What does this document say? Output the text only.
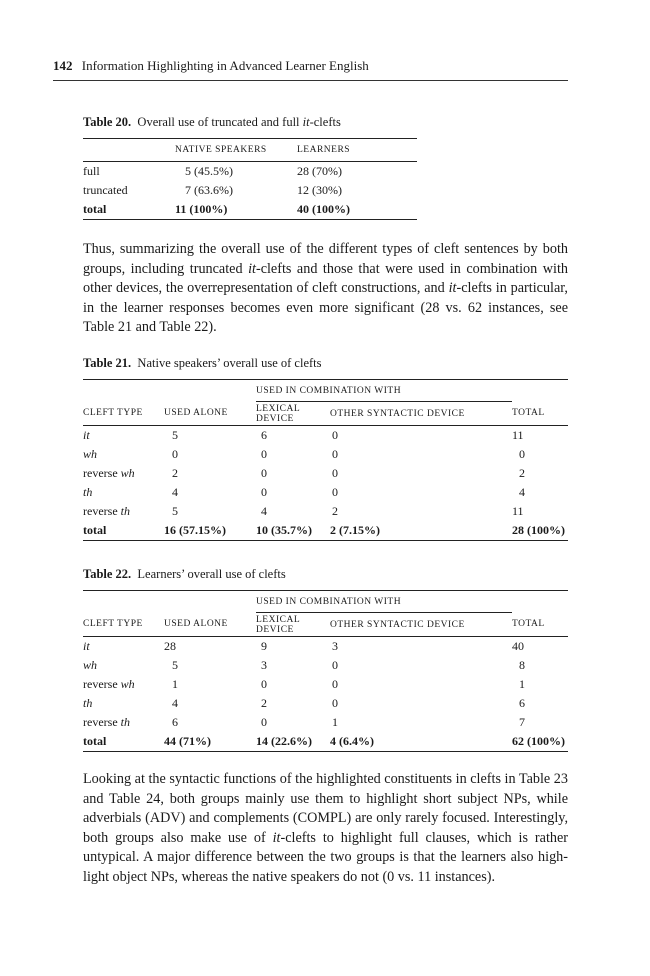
142 Information Highlighting in Advanced Learner English
Table 20. Overall use of truncated and full it-clefts
	NATIVE SPEAKERS	LEARNERS
full	5 (45.5%)	28 (70%)
truncated	7 (63.6%)	12 (30%)
total	11 (100%)	40 (100%)
Thus, summarizing the overall use of the different types of cleft sentences by both groups, including truncated it-clefts and those that were used in combination with other devices, the overrepresentation of cleft constructions, and it-clefts in particular, in the learner responses becomes even more significant (28 vs. 62 instances, see Table 21 and Table 22).
Table 21. Native speakers’ overall use of clefts
		USED IN COMBINATION WITH		
CLEFT TYPE	USED ALONE	LEXICAL DEVICE	OTHER SYNTACTIC DEVICE	TOTAL
it	5	6	0	11
wh	0	0	0	0
reverse wh	2	0	0	2
th	4	0	0	4
reverse th	5	4	2	11
total	16 (57.15%)	10 (35.7%)	2 (7.15%)	28 (100%)
Table 22. Learners’ overall use of clefts
		USED IN COMBINATION WITH		
CLEFT TYPE	USED ALONE	LEXICAL DEVICE	OTHER SYNTACTIC DEVICE	TOTAL
it	28	9	3	40
wh	5	3	0	8
reverse wh	1	0	0	1
th	4	2	0	6
reverse th	6	0	1	7
total	44 (71%)	14 (22.6%)	4 (6.4%)	62 (100%)
Looking at the syntactic functions of the highlighted constituents in clefts in Table 23 and Table 24, both groups mainly use them to highlight short subject NPs, while adverbials (ADV) and complements (COMPL) are only rarely focused. Interestingly, both groups also make use of it-clefts to highlight full clauses, which is rather untypical. A major difference between the two groups is that the learners also highlight object NPs, whereas the native speakers do not (0 vs. 11 instances).
